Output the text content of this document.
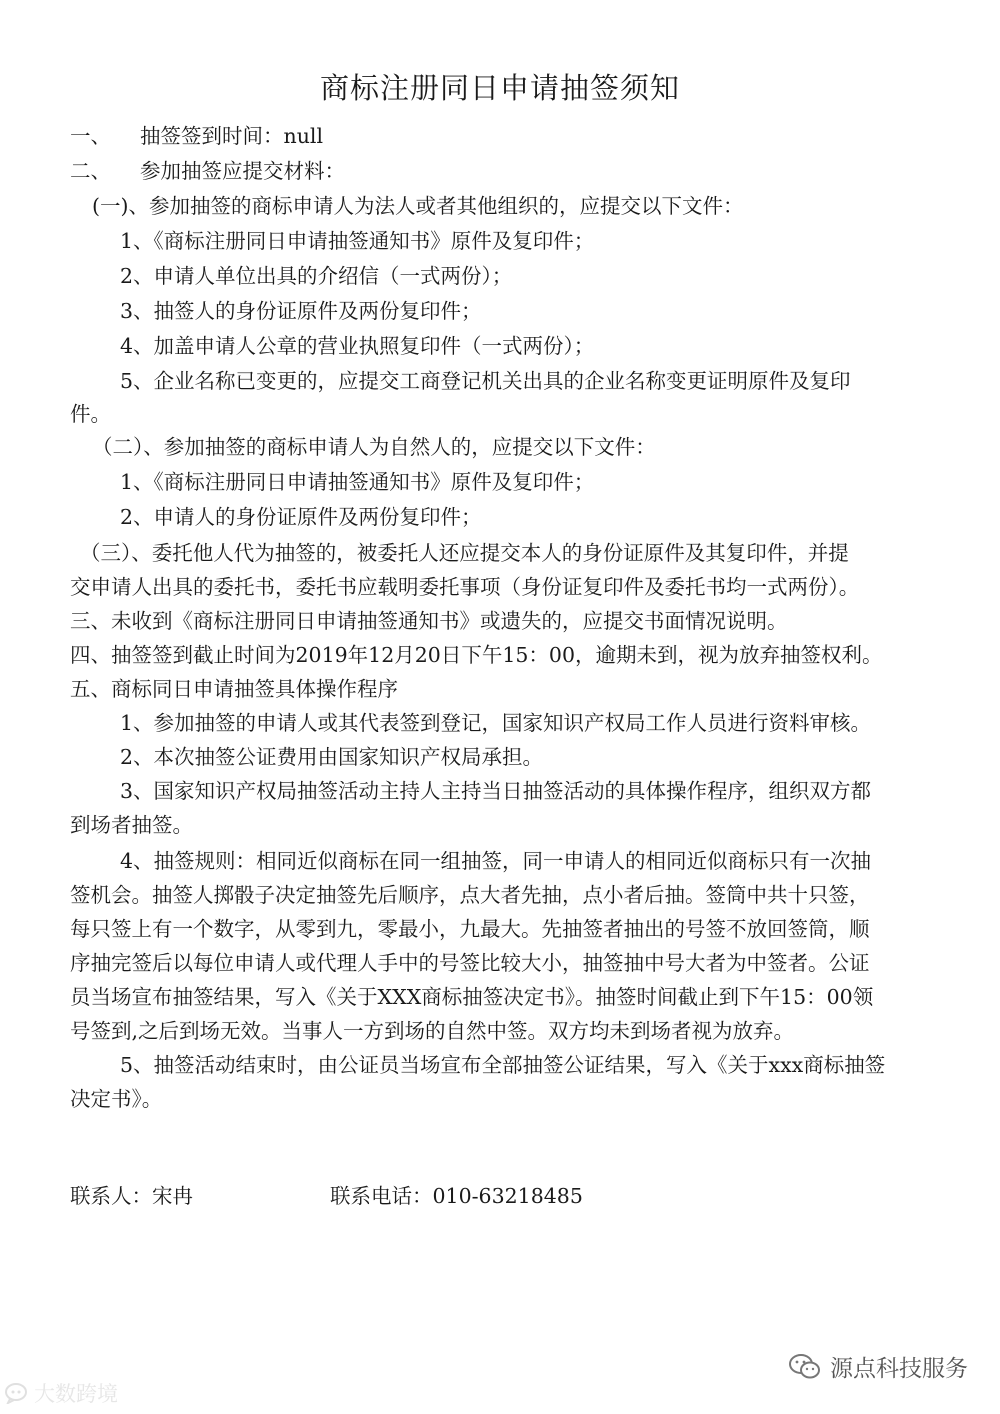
商标注册同日申请抽签须知
一、 抽签签到时间：null
二、 参加抽签应提交材料：
(一)、参加抽签的商标申请人为法人或者其他组织的，应提交以下文件：
1、《商标注册同日申请抽签通知书》原件及复印件；
2、申请人单位出具的介绍信（一式两份）；
3、抽签人的身份证原件及两份复印件；
4、加盖申请人公章的营业执照复印件（一式两份）；
5、企业名称已变更的，应提交工商登记机关出具的企业名称变更证明原件及复印
件。
（二）、参加抽签的商标申请人为自然人的，应提交以下文件：
1、《商标注册同日申请抽签通知书》原件及复印件；
2、申请人的身份证原件及两份复印件；
（三）、委托他人代为抽签的，被委托人还应提交本人的身份证原件及其复印件，并提
交申请人出具的委托书，委托书应载明委托事项（身份证复印件及委托书均一式两份）。
三、未收到《商标注册同日申请抽签通知书》或遗失的，应提交书面情况说明。
四、抽签签到截止时间为2019年12月20日下午15：00，逾期未到，视为放弃抽签权利。
五、商标同日申请抽签具体操作程序
1、参加抽签的申请人或其代表签到登记，国家知识产权局工作人员进行资料审核。
2、本次抽签公证费用由国家知识产权局承担。
3、国家知识产权局抽签活动主持人主持当日抽签活动的具体操作程序，组织双方都
到场者抽签。
4、抽签规则：相同近似商标在同一组抽签，同一申请人的相同近似商标只有一次抽
签机会。抽签人掷骰子决定抽签先后顺序，点大者先抽，点小者后抽。签筒中共十只签，
每只签上有一个数字，从零到九，零最小，九最大。先抽签者抽出的号签不放回签筒，顺
序抽完签后以每位申请人或代理人手中的号签比较大小，抽签抽中号大者为中签者。公证
员当场宣布抽签结果，写入《关于XXX商标抽签决定书》。抽签时间截止到下午15：00领
号签到,之后到场无效。当事人一方到场的自然中签。双方均未到场者视为放弃。
5、抽签活动结束时，由公证员当场宣布全部抽签公证结果，写入《关于xxx商标抽签
决定书》。
联系人：宋冉	联系电话：010-63218485
大数跨境
源点科技服务
